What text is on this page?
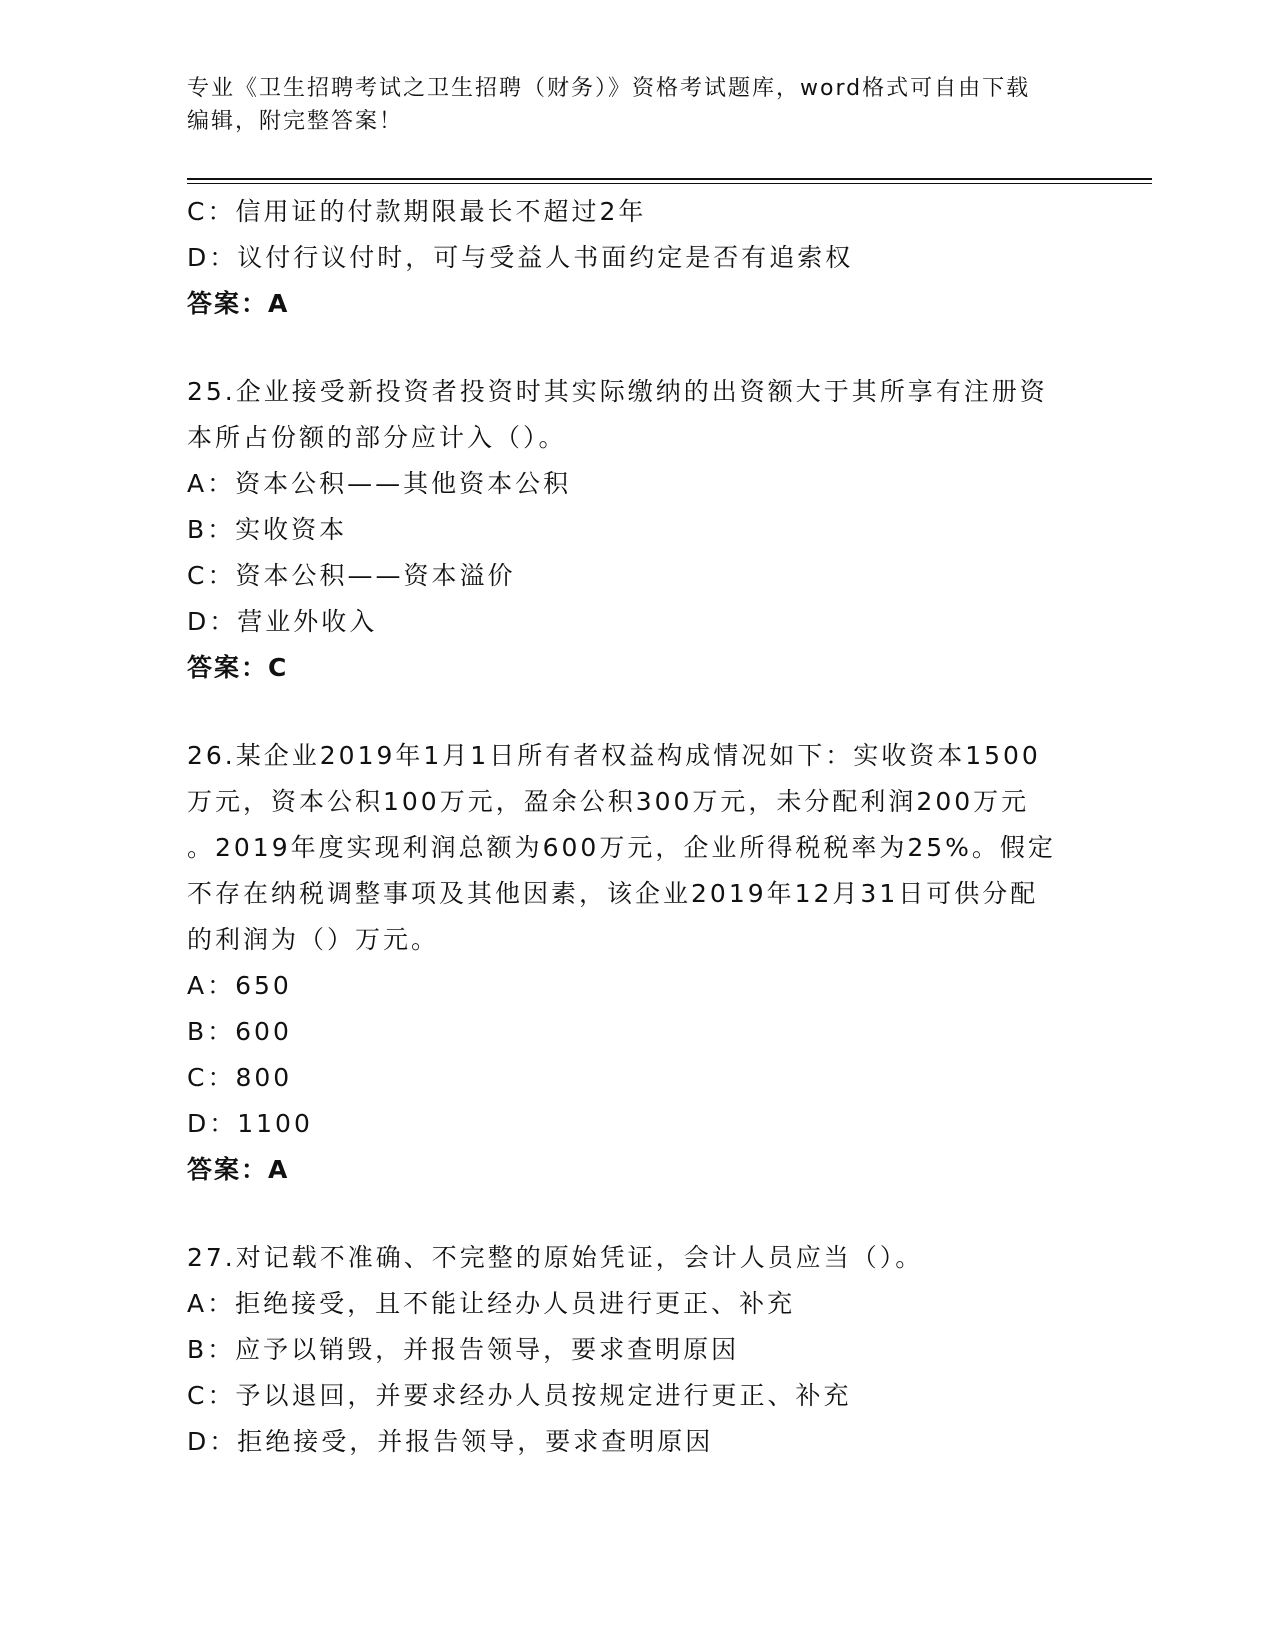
专业《卫生招聘考试之卫生招聘（财务）》资格考试题库，word格式可自由下载
编辑，附完整答案！
C：信用证的付款期限最长不超过2年
D：议付行议付时，可与受益人书面约定是否有追索权
答案：A
25.企业接受新投资者投资时其实际缴纳的出资额大于其所享有注册资
本所占份额的部分应计入（）。
A：资本公积——其他资本公积
B：实收资本
C：资本公积——资本溢价
D：营业外收入
答案：C
26.某企业2019年1月1日所有者权益构成情况如下：实收资本1500
万元，资本公积100万元，盈余公积300万元，未分配利润200万元
。2019年度实现利润总额为600万元，企业所得税税率为25%。假定
不存在纳税调整事项及其他因素，该企业2019年12月31日可供分配
的利润为（）万元。
A：650
B：600
C：800
D：1100
答案：A
27.对记载不准确、不完整的原始凭证，会计人员应当（）。
A：拒绝接受，且不能让经办人员进行更正、补充
B：应予以销毁，并报告领导，要求查明原因
C：予以退回，并要求经办人员按规定进行更正、补充
D：拒绝接受，并报告领导，要求查明原因
